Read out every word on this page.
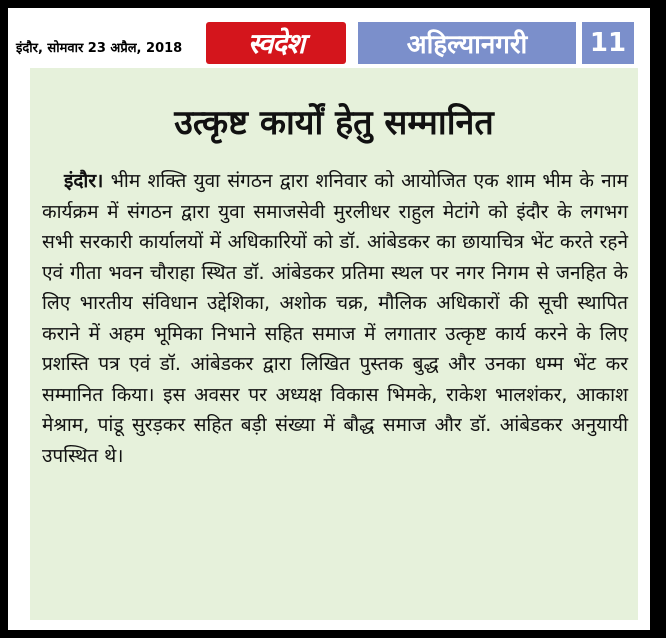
इंदौर, सोमवार 23 अप्रैल, 2018 स्वदेश	अहिल्यानगरी 11
उत्कृष्ट कार्यों हेतु सम्मानित
इंदौर। भीम शक्ति युवा संगठन द्वारा शनिवार को आयोजित एक शाम भीम के नाम कार्यक्रम में संगठन द्वारा युवा समाजसेवी मुरलीधर राहुल मेटांगे को इंदौर के लगभग सभी सरकारी कार्यालयों में अधिकारियों को डॉ. आंबेडकर का छायाचित्र भेंट करते रहने एवं गीता भवन चौराहा स्थित डॉ. आंबेडकर प्रतिमा स्थल पर नगर निगम से जनहित के लिए भारतीय संविधान उद्देशिका, अशोक चक्र, मौलिक अधिकारों की सूची स्थापित कराने में अहम भूमिका निभाने सहित समाज में लगातार उत्कृष्ट कार्य करने के लिए प्रशस्ति पत्र एवं डॉ. आंबेडकर द्वारा लिखित पुस्तक बुद्ध और उनका धम्म भेंट कर सम्मानित किया। इस अवसर पर अध्यक्ष विकास भिमके, राकेश भालशंकर, आकाश मेश्राम, पांडू सुरड़कर सहित बड़ी संख्या में बौद्ध समाज और डॉ. आंबेडकर अनुयायी उपस्थित थे।
